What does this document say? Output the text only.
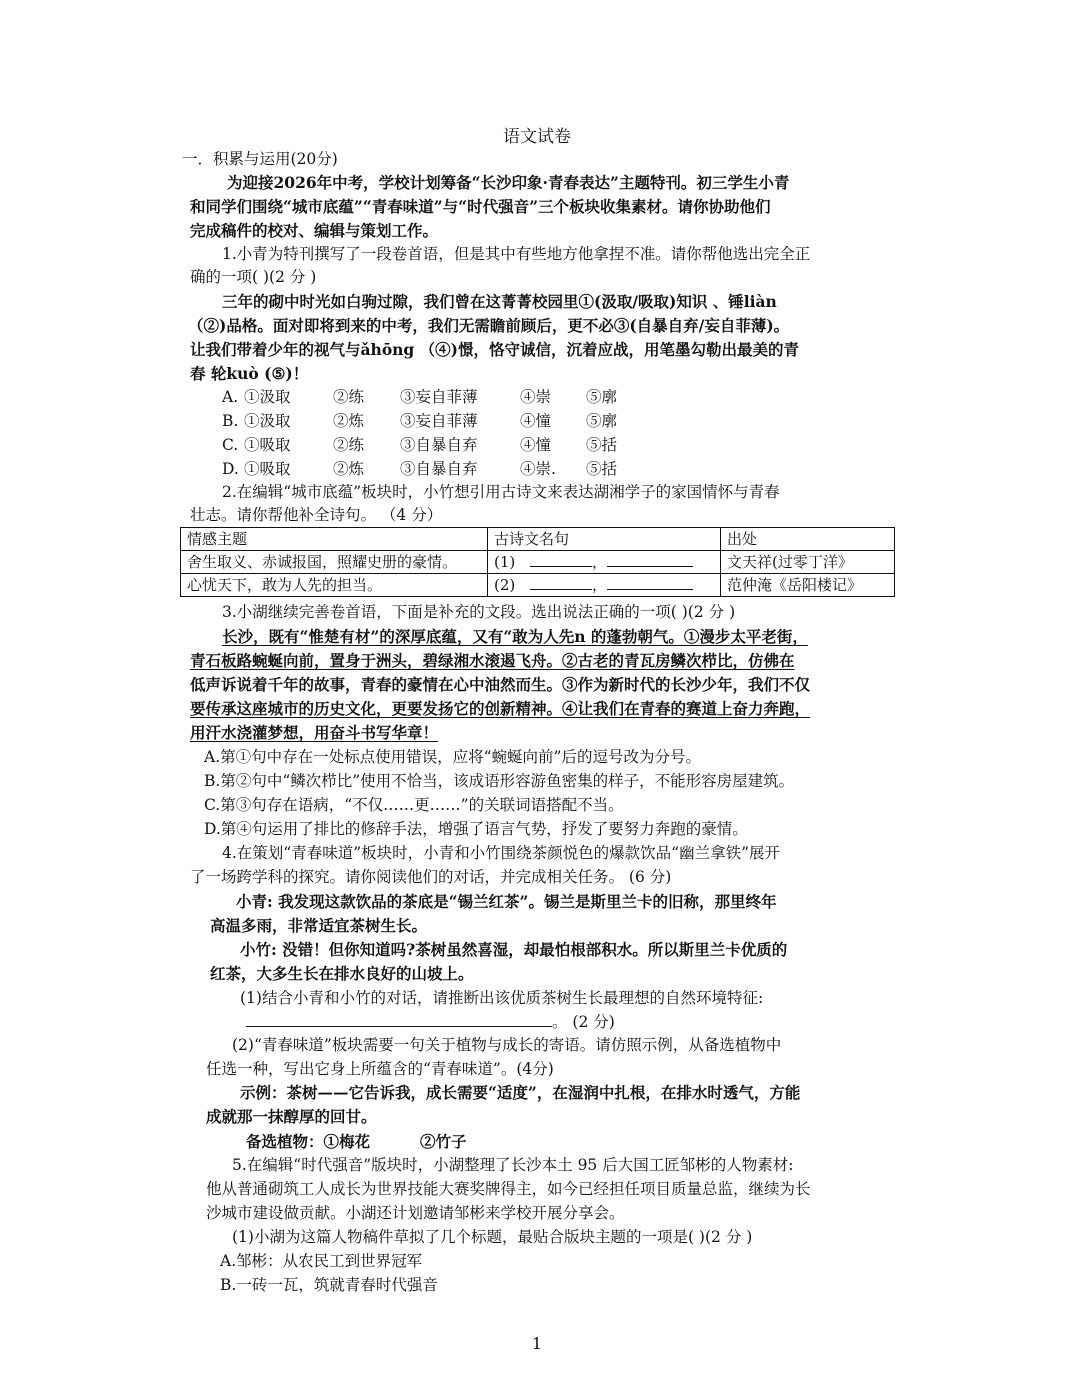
语文试卷
一．积累与运用(20分)
为迎接2026年中考，学校计划筹备“长沙印象·青春表达”主题特刊。初三学生小青
和同学们围绕“城市底蕴”“青春味道”与“时代强音”三个板块收集素材。请你协助他们
完成稿件的校对、编辑与策划工作。
1.小青为特刊撰写了一段卷首语，但是其中有些地方他拿捏不准。请你帮他选出完全正
确的一项( )(2 分 )
三年的砌中时光如白驹过隙，我们曾在这菁菁校园里①(汲取/吸取)知识 、锤liàn
（②)品格。面对即将到来的中考，我们无需瞻前顾后，更不必③(自暴自弃/妄自菲薄)。
让我们带着少年的视气与ǎhōng （④)憬，恪守诚信，沉着应战，用笔墨勾勒出最美的青
春 轮kuò (⑤)！
A. ①汲取	②练 ③妄自菲薄	④崇 ⑤廓
B. ①汲取	②炼 ③妄自菲薄	④憧 ⑤廓
C. ①吸取	②练 ③自暴自弃	④憧 ⑤括
D. ①吸取	②炼 ③自暴自弃	④崇. ⑤括
2.在编辑“城市底蕴”板块时，小竹想引用古诗文来表达湖湘学子的家国情怀与青春
壮志。请你帮他补全诗句。 （4 分）
情感主题	古诗文名句	出处
舍生取义、赤诚报国，照耀史册的豪情。	(1) ，	文天祥(过零丁洋》
心忧天下，敢为人先的担当。	(2) ，	范仲淹《岳阳楼记》
3.小湖继续完善卷首语，下面是补充的文段。选出说法正确的一项( )(2 分 )
长沙，既有“惟楚有材”的深厚底蕴，又有“敢为人先n 的蓬勃朝气。①漫步太平老街，
青石板路蜿蜒向前，置身于洲头，碧绿湘水滚遏飞舟。②古老的青瓦房鳞次栉比，仿佛在
低声诉说着千年的故事，青春的豪情在心中油然而生。③作为新时代的长沙少年，我们不仅
要传承这座城市的历史文化，更要发扬它的创新精神。④让我们在青春的赛道上奋力奔跑，
用汗水浇灌梦想，用奋斗书写华章！
A.第①句中存在一处标点使用错误，应将“蜿蜒向前”后的逗号改为分号。
B.第②句中“鳞次栉比”使用不恰当，该成语形容游鱼密集的样子，不能形容房屋建筑。
C.第③句存在语病，“不仅……更……”的关联词语搭配不当。
D.第④句运用了排比的修辞手法，增强了语言气势，抒发了要努力奔跑的豪情。
4.在策划“青春味道”板块时，小青和小竹围绕茶颜悦色的爆款饮品“幽兰拿铁”展开
了一场跨学科的探究。请你阅读他们的对话，并完成相关任务。 (6 分)
小青: 我发现这款饮品的茶底是“锡兰红茶”。锡兰是斯里兰卡的旧称，那里终年
高温多雨，非常适宜茶树生长。
小竹: 没错！但你知道吗?茶树虽然喜湿，却最怕根部积水。所以斯里兰卡优质的
红茶，大多生长在排水良好的山坡上。
(1)结合小青和小竹的对话，请推断出该优质茶树生长最理想的自然环境特征:
。 (2 分)
(2)“青春味道”板块需要一句关于植物与成长的寄语。请仿照示例，从备选植物中
任选一种，写出它身上所蕴含的“青春味道”。(4分)
示例：茶树——它告诉我，成长需要“适度”，在湿润中扎根，在排水时透气，方能
成就那一抹醇厚的回甘。
备选植物：①梅花	②竹子
5.在编辑“时代强音”版块时，小湖整理了长沙本土 95 后大国工匠邹彬的人物素材:
他从普通砌筑工人成长为世界技能大赛奖牌得主，如今已经担任项目质量总监，继续为长
沙城市建设做贡献。小湖还计划邀请邹彬来学校开展分享会。
(1)小湖为这篇人物稿件草拟了几个标题，最贴合版块主题的一项是( )(2 分 )
A.邹彬：从农民工到世界冠军
B.一砖一瓦，筑就青春时代强音
1
